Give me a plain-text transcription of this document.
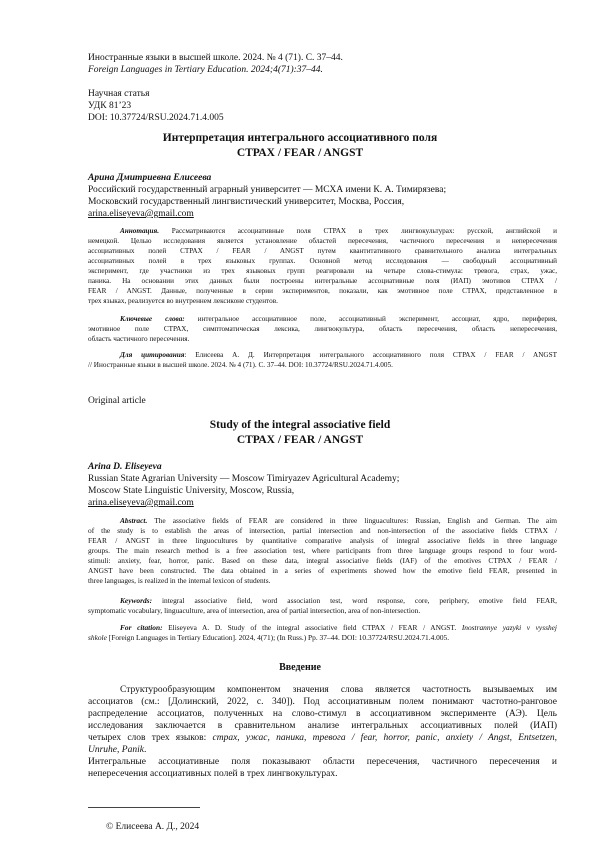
Иностранные языки в высшей школе. 2024. № 4 (71). С. 37–44.

Foreign Languages in Tertiary Education. 2024;4(71):37–44.

Научная статья

УДК 81’23

DOI: 10.37724/RSU.2024.71.4.005

Интерпретация интегрального ассоциативного поля

СТРАХ / FEAR / ANGST

Арина Дмитриевна Елисеева

Российский государственный аграрный университет — МСХА имени К. А. Тимирязева;

Московский государственный лингвистический университет, Москва, Россия,

arina.eliseyeva@gmail.com

Аннотация. Рассматриваются ассоциативные поля СТРАХ в трех лингвокультурах: русской, английской и
немецкой. Целью исследования является установление областей пересечения, частичного пересечения и непересечения
ассоциативных полей СТРАХ / FEAR / ANGST путем квантитативного сравнительного анализа интегральных
ассоциативных полей в трех языковых группах. Основной метод исследования — свободный ассоциативный
эксперимент, где участники из трех языковых групп реагировали на четыре слова-стимула: тревога, страх, ужас,
паника. На основании этих данных были построены интегральные ассоциативные поля (ИАП) эмотивов СТРАХ /
FEAR / ANGST. Данные, полученные в серии экспериментов, показали, как эмотивное поле СТРАХ, представленное в
трех языках, реализуется во внутреннем лексиконе студентов.
Ключевые слова: интегральное ассоциативное поле, ассоциативный эксперимент, ассоциат, ядро, периферия,
эмотивное поле СТРАХ, симптоматическая лексика, лингвокультура, область пересечения, область непересечения,
область частичного пересечения.
Для цитирования: Елисеева А. Д. Интерпретация интегрального ассоциативного поля СТРАХ / FEAR / ANGST
// Иностранные языки в высшей школе. 2024. № 4 (71). С. 37–44. DOI: 10.37724/RSU.2024.71.4.005.

Original article

Study of the integral associative field

СТРАХ / FEAR / ANGST

Arina D. Eliseyeva

Russian State Agrarian University — Moscow Timiryazev Agricultural Academy;

Moscow State Linguistic University, Moscow, Russia,

arina.eliseyeva@gmail.com

Abstract. The associative fields of FEAR are considered in three linguacultures: Russian, English and German. The aim
of the study is to establish the areas of intersection, partial intersection and non-intersection of the associative fields СТРАХ /
FEAR / ANGST in three linguocultures by quantitative comparative analysis of integral associative fields in three language
groups. The main research method is a free association test, where participants from three language groups respond to four word-
stimuli: anxiety, fear, horror, panic. Based on these data, integral associative fields (IAF) of the emotives СТРАХ / FEAR /
ANGST have been constructed. The data obtained in a series of experiments showed how the emotive field FEAR, presented in
three languages, is realized in the internal lexicon of students.
Keywords: integral associative field, word association test, word response, core, periphery, emotive field FEAR,
symptomatic vocabulary, linguaculture, area of intersection, area of partial intersection, area of non-intersection.
For citation: Eliseyeva A. D. Study of the integral associative field СТРАХ / FEAR / ANGST. Inostrannye yazyki v vysshej
shkole [Foreign Languages in Tertiary Education]. 2024, 4(71); (In Russ.) Pp. 37–44. DOI: 10.37724/RSU.2024.71.4.005.

Введение

Структурообразующим компонентом значения слова является частотность вызываемых им
ассоциатов (см.: [Долинский, 2022, с. 340]). Под ассоциативным полем понимают частотно-ранговое
распределение ассоциатов, полученных на слово-стимул в ассоциативном эксперименте (АЭ). Цель
исследования заключается в сравнительном анализе интегральных ассоциативных полей (ИАП)
четырех слов трех языков: страх, ужас, паника, тревога / fear, horror, panic, anxiety / Angst, Entsetzen,
Unruhe, Panik.
Интегральные ассоциативные поля показывают области пересечения, частичного пересечения и
непересечения ассоциативных полей в трех лингвокультурах.

© Елисеева А. Д., 2024
